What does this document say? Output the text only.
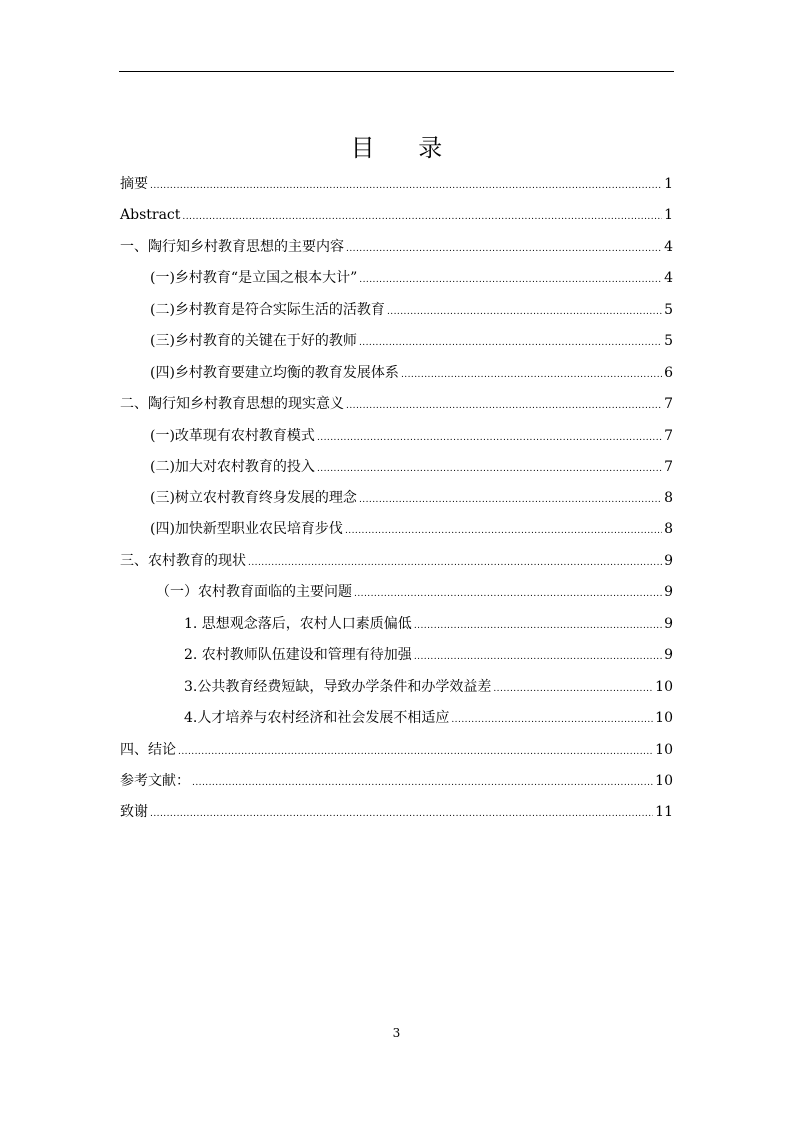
目 录
摘要 . . .	1
Abstract . . .	1
一、陶行知乡村教育思想的主要内容 . . .	4
(一)乡村教育“是立国之根本大计” . . .	4
(二)乡村教育是符合实际生活的活教育 . . .	5
(三)乡村教育的关键在于好的教师 . . .	5
(四)乡村教育要建立均衡的教育发展体系 . . .	6
二、陶行知乡村教育思想的现实意义 . . .	7
(一)改革现有农村教育模式 . . .	7
(二)加大对农村教育的投入 . . .	7
(三)树立农村教育终身发展的理念 . . .	8
(四)加快新型职业农民培育步伐 . . .	8
三、农村教育的现状 . . .	9
（一）农村教育面临的主要问题 . . .	9
1. 思想观念落后，农村人口素质偏低 . . .	9
2. 农村教师队伍建设和管理有待加强 . . .	9
3.公共教育经费短缺，导致办学条件和办学效益差 . . .	10
4.人才培养与农村经济和社会发展不相适应 . . .	10
四、结论 . . .	10
参考文献： . . .	10
致谢 . . .	11
3
